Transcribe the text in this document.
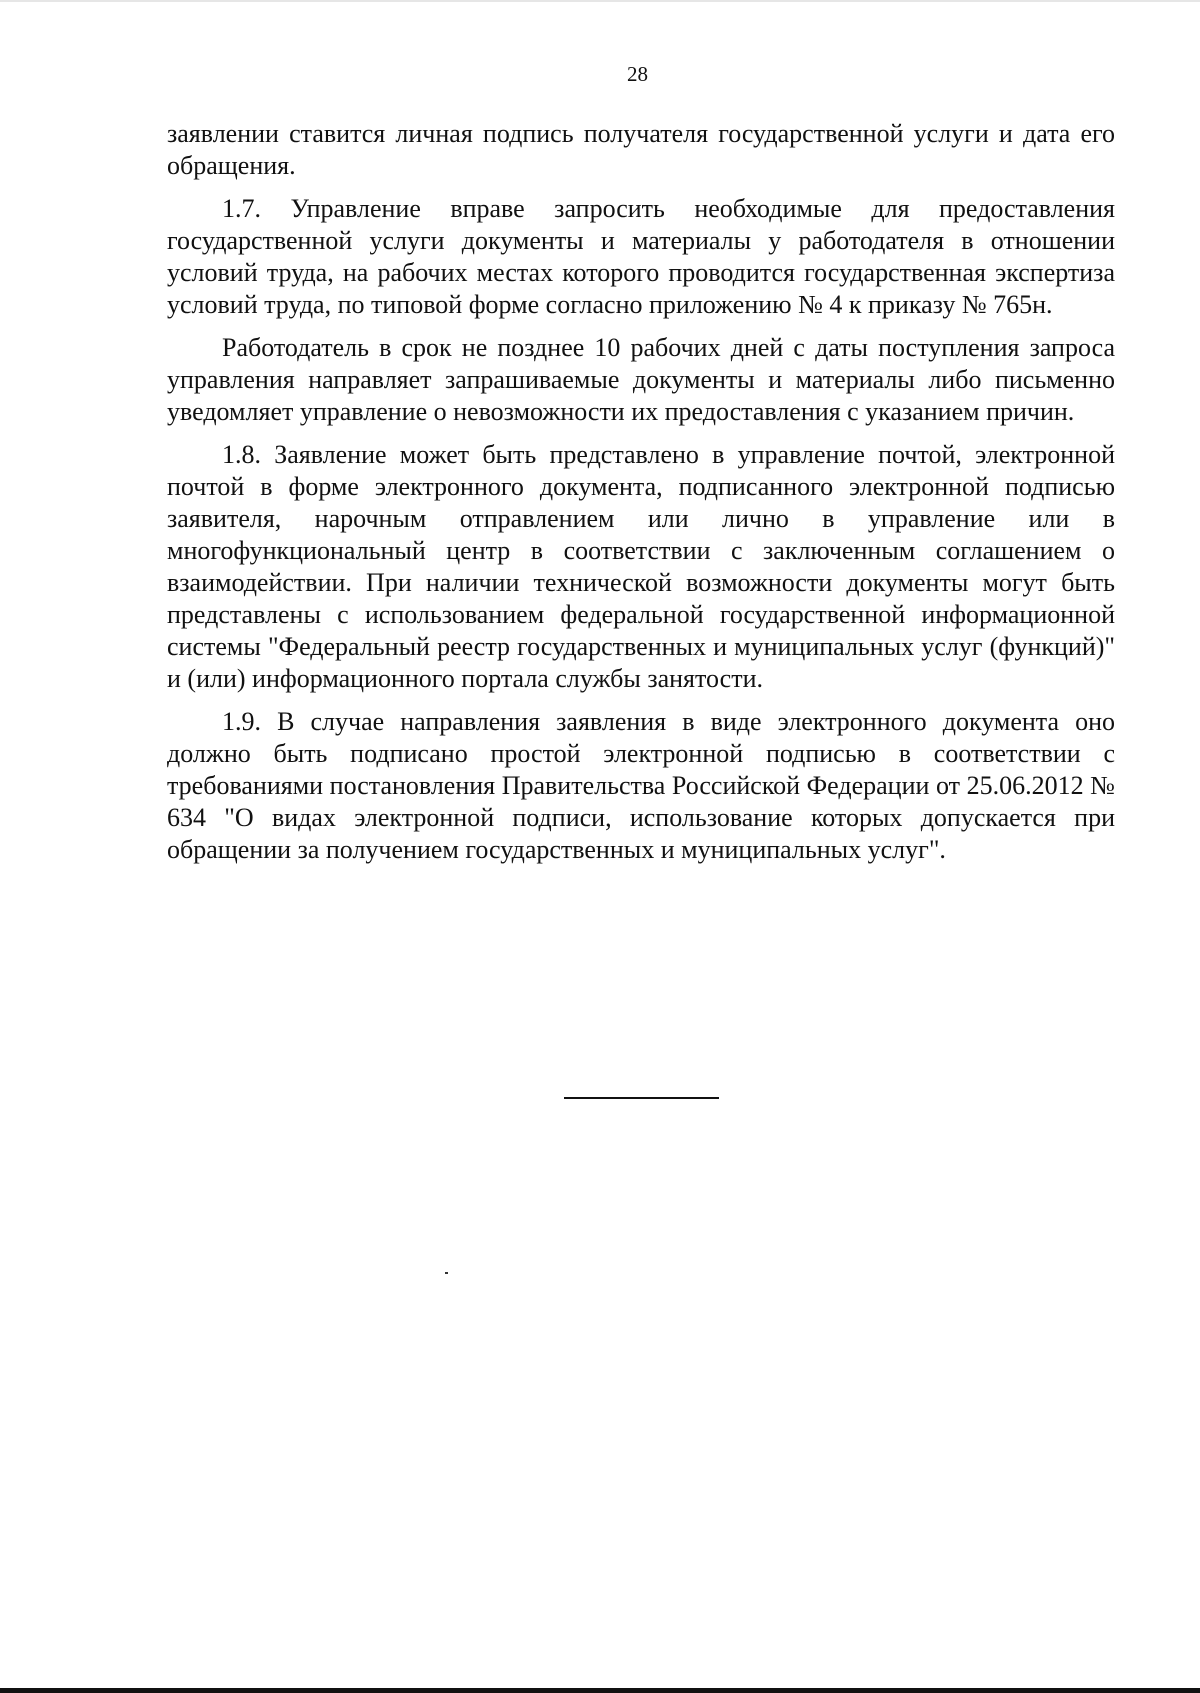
28

заявлении ставится личная подпись получателя государственной услуги и дата его обращения.

1.7. Управление вправе запросить необходимые для предоставления государственной услуги документы и материалы у работодателя в отношении условий труда, на рабочих местах которого проводится государственная экспертиза условий труда, по типовой форме согласно приложению № 4 к приказу № 765н.

Работодатель в срок не позднее 10 рабочих дней с даты поступления запроса управления направляет запрашиваемые документы и материалы либо письменно уведомляет управление о невозможности их предоставления с указанием причин.

1.8. Заявление может быть представлено в управление почтой, электронной почтой в форме электронного документа, подписанного электронной подписью заявителя, нарочным отправлением или лично в управление или в многофункциональный центр в соответствии с заключенным соглашением о взаимодействии. При наличии технической возможности документы могут быть представлены с использованием федеральной государственной информационной системы "Федеральный реестр государственных и муниципальных услуг (функций)" и (или) информационного портала службы занятости.

1.9. В случае направления заявления в виде электронного документа оно должно быть подписано простой электронной подписью в соответствии с требованиями постановления Правительства Российской Федерации от 25.06.2012 № 634 "О видах электронной подписи, использование которых допускается при обращении за получением государственных и муниципальных услуг".
